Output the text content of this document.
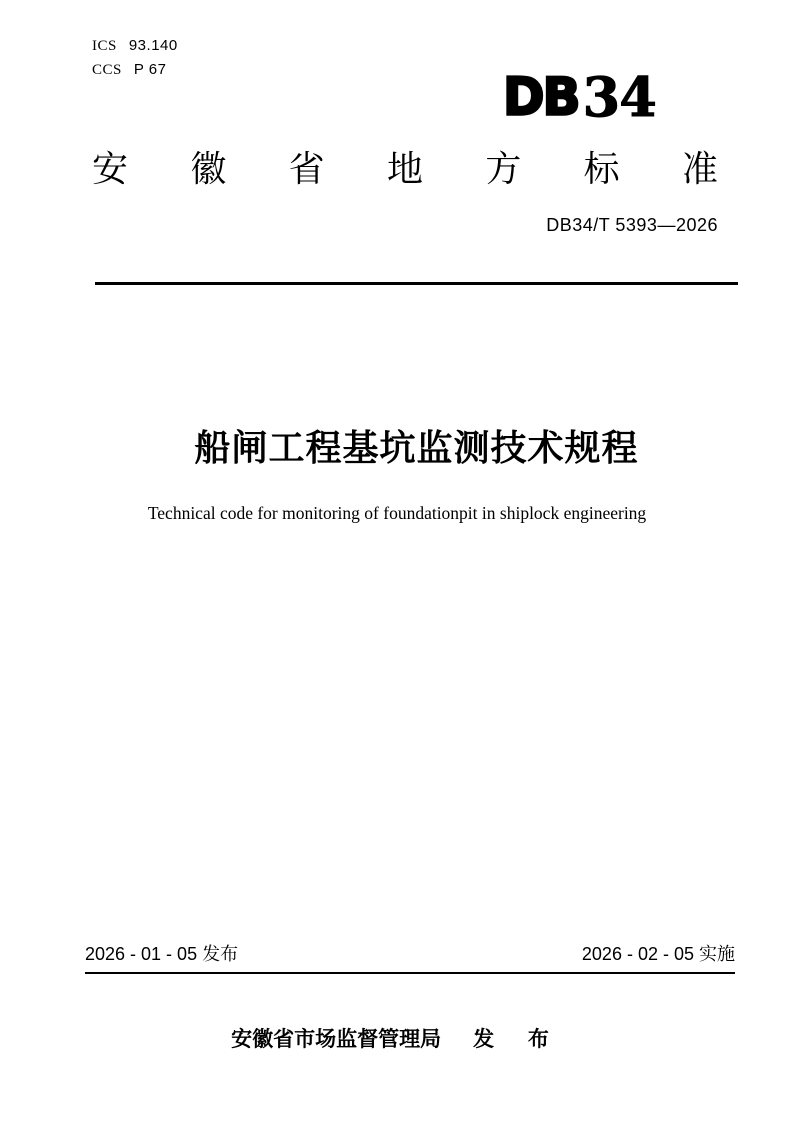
ICS 93.140
CCS P 67	DB 34
安 徽 省 地 方 标 准
DB34/T 5393—2026
船闸工程基坑监测技术规程
Technical code for monitoring of foundationpit in shiplock engineering
2026 - 01 - 05 发布	2026 - 02 - 05 实施
安徽省市场监督管理局 发 布
